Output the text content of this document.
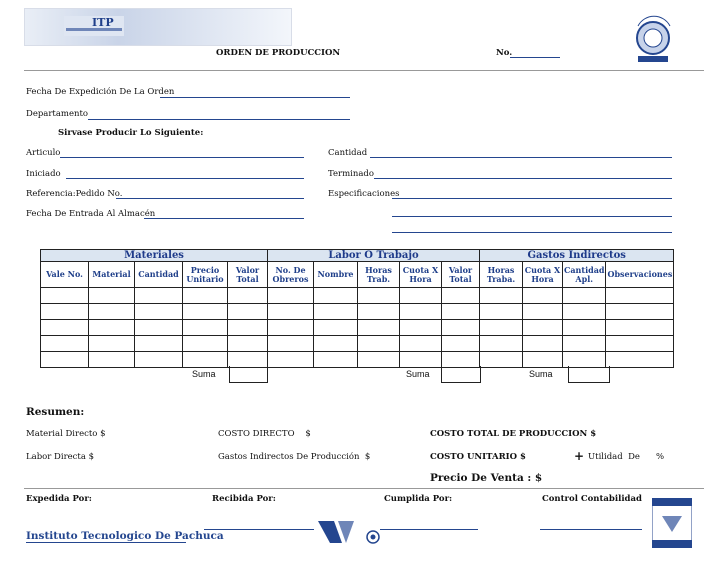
ITP
ORDEN DE PRODUCCION	No.
Fecha De Expedición De La Orden
Departamento
Sirvase Producir Lo Siguiente:
Articulo
Iniciado
Referencia:Pedido No.
Fecha De Entrada Al Almacén
Cantidad
Terminado
Especificaciones
Materiales					Labor O Trabajo					Gastos Indirectos			
Vale No.	Material	Cantidad	Precio Unitario	Valor Total	No. De Obreros	Nombre	Horas Trab.	Cuota X Hora	Valor Total	Horas Traba.	Cuota X Hora	Cantidad Apl.	Observaciones

Suma	Suma	Suma
Resumen:
Material Directo $
Labor Directa $
COSTO DIRECTO    $
Gastos Indirectos De Producción  $
COSTO TOTAL DE PRODUCCION $
COSTO UNITARIO $	+ Utilidad  De %
Precio De Venta : $
Expedida Por:	Recibida Por:	Cumplida Por:	Control Contabilidad
Instituto Tecnologico De Pachuca
